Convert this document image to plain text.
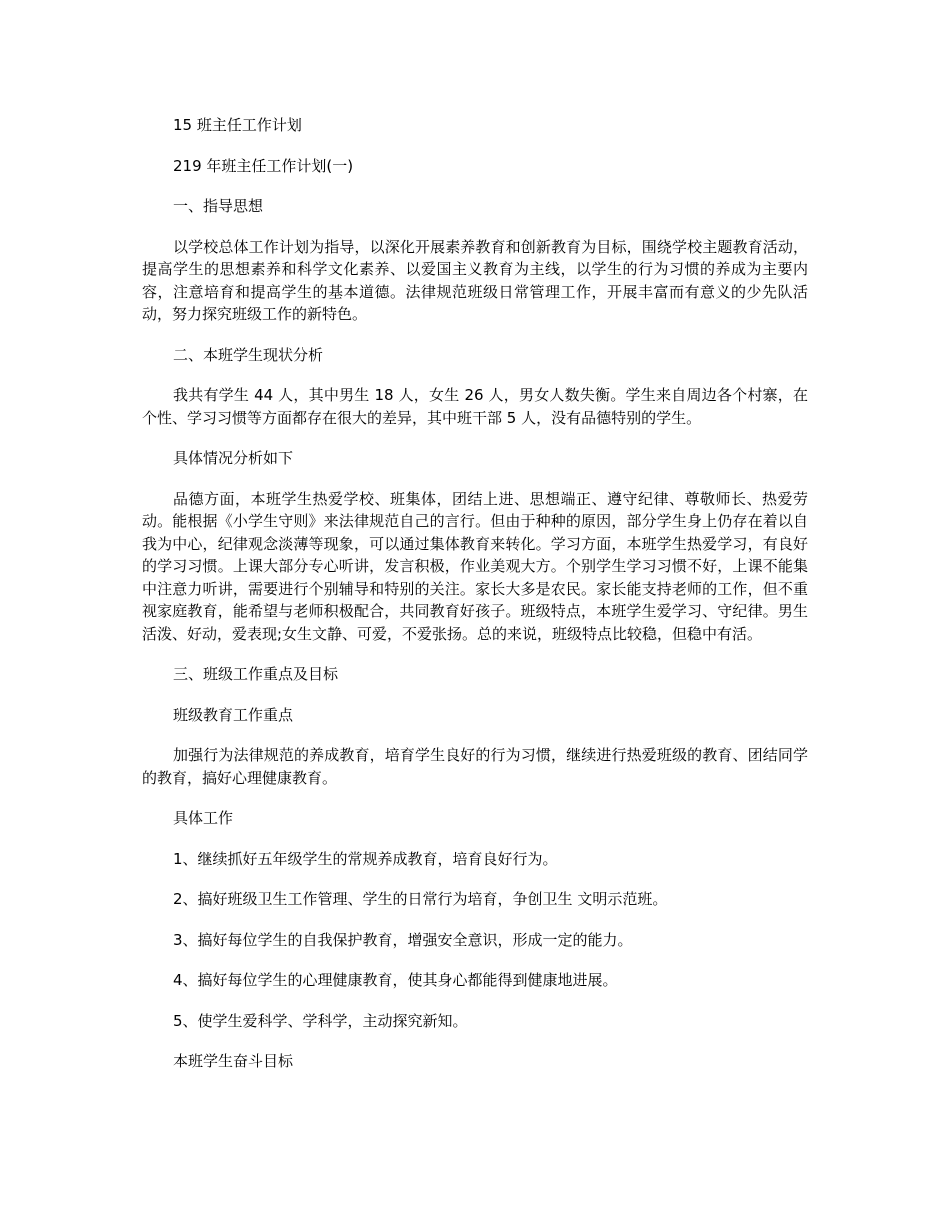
15 班主任工作计划

219 年班主任工作计划(一)

一、指导思想

以学校总体工作计划为指导，以深化开展素养教育和创新教育为目标，围绕学校主题教育活动，提高学生的思想素养和科学文化素养、以爱国主义教育为主线，以学生的行为习惯的养成为主要内容，注意培育和提高学生的基本道德。法律规范班级日常管理工作，开展丰富而有意义的少先队活动，努力探究班级工作的新特色。

二、本班学生现状分析

我共有学生 44 人，其中男生 18 人，女生 26 人，男女人数失衡。学生来自周边各个村寨，在个性、学习习惯等方面都存在很大的差异，其中班干部 5 人，没有品德特别的学生。

具体情况分析如下

品德方面，本班学生热爱学校、班集体，团结上进、思想端正、遵守纪律、尊敬师长、热爱劳动。能根据《小学生守则》来法律规范自己的言行。但由于种种的原因，部分学生身上仍存在着以自我为中心，纪律观念淡薄等现象，可以通过集体教育来转化。学习方面，本班学生热爱学习，有良好的学习习惯。上课大部分专心听讲，发言积极，作业美观大方。个别学生学习习惯不好，上课不能集中注意力听讲，需要进行个别辅导和特别的关注。家长大多是农民。家长能支持老师的工作，但不重视家庭教育，能希望与老师积极配合，共同教育好孩子。班级特点，本班学生爱学习、守纪律。男生活泼、好动，爱表现;女生文静、可爱，不爱张扬。总的来说，班级特点比较稳，但稳中有活。

三、班级工作重点及目标

班级教育工作重点

加强行为法律规范的养成教育，培育学生良好的行为习惯，继续进行热爱班级的教育、团结同学的教育，搞好心理健康教育。

具体工作

1、继续抓好五年级学生的常规养成教育，培育良好行为。

2、搞好班级卫生工作管理、学生的日常行为培育，争创卫生 文明示范班。

3、搞好每位学生的自我保护教育，增强安全意识，形成一定的能力。

4、搞好每位学生的心理健康教育，使其身心都能得到健康地进展。

5、使学生爱科学、学科学，主动探究新知。

本班学生奋斗目标
